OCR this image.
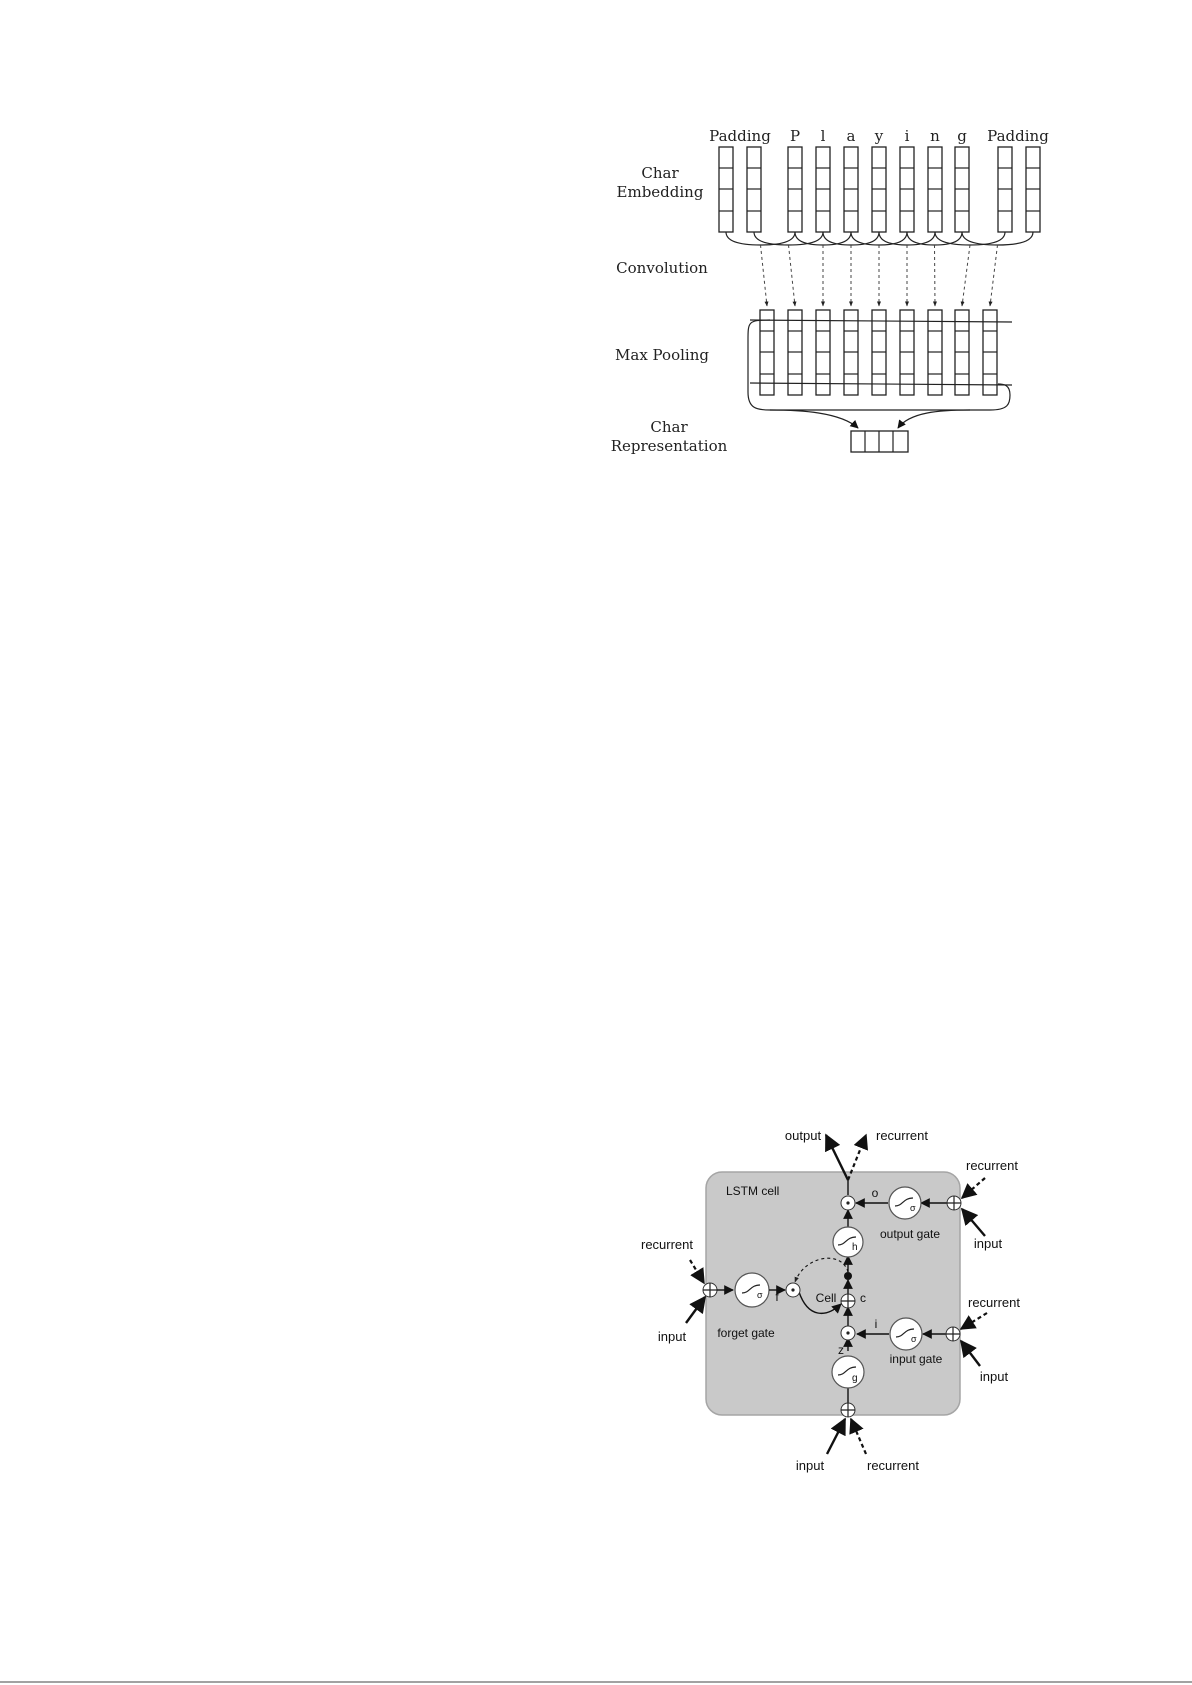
Padding P l a y i n g Padding
Char
Embedding
Convolution
Max Pooling
Char
Representation
LSTM cell
output	recurrent
o
σ
output gate
recurrent
input
h
c
Cell
σ f
forget gate
recurrent
input
i
σ
input gate
recurrent
input
z
g
input	recurrent
